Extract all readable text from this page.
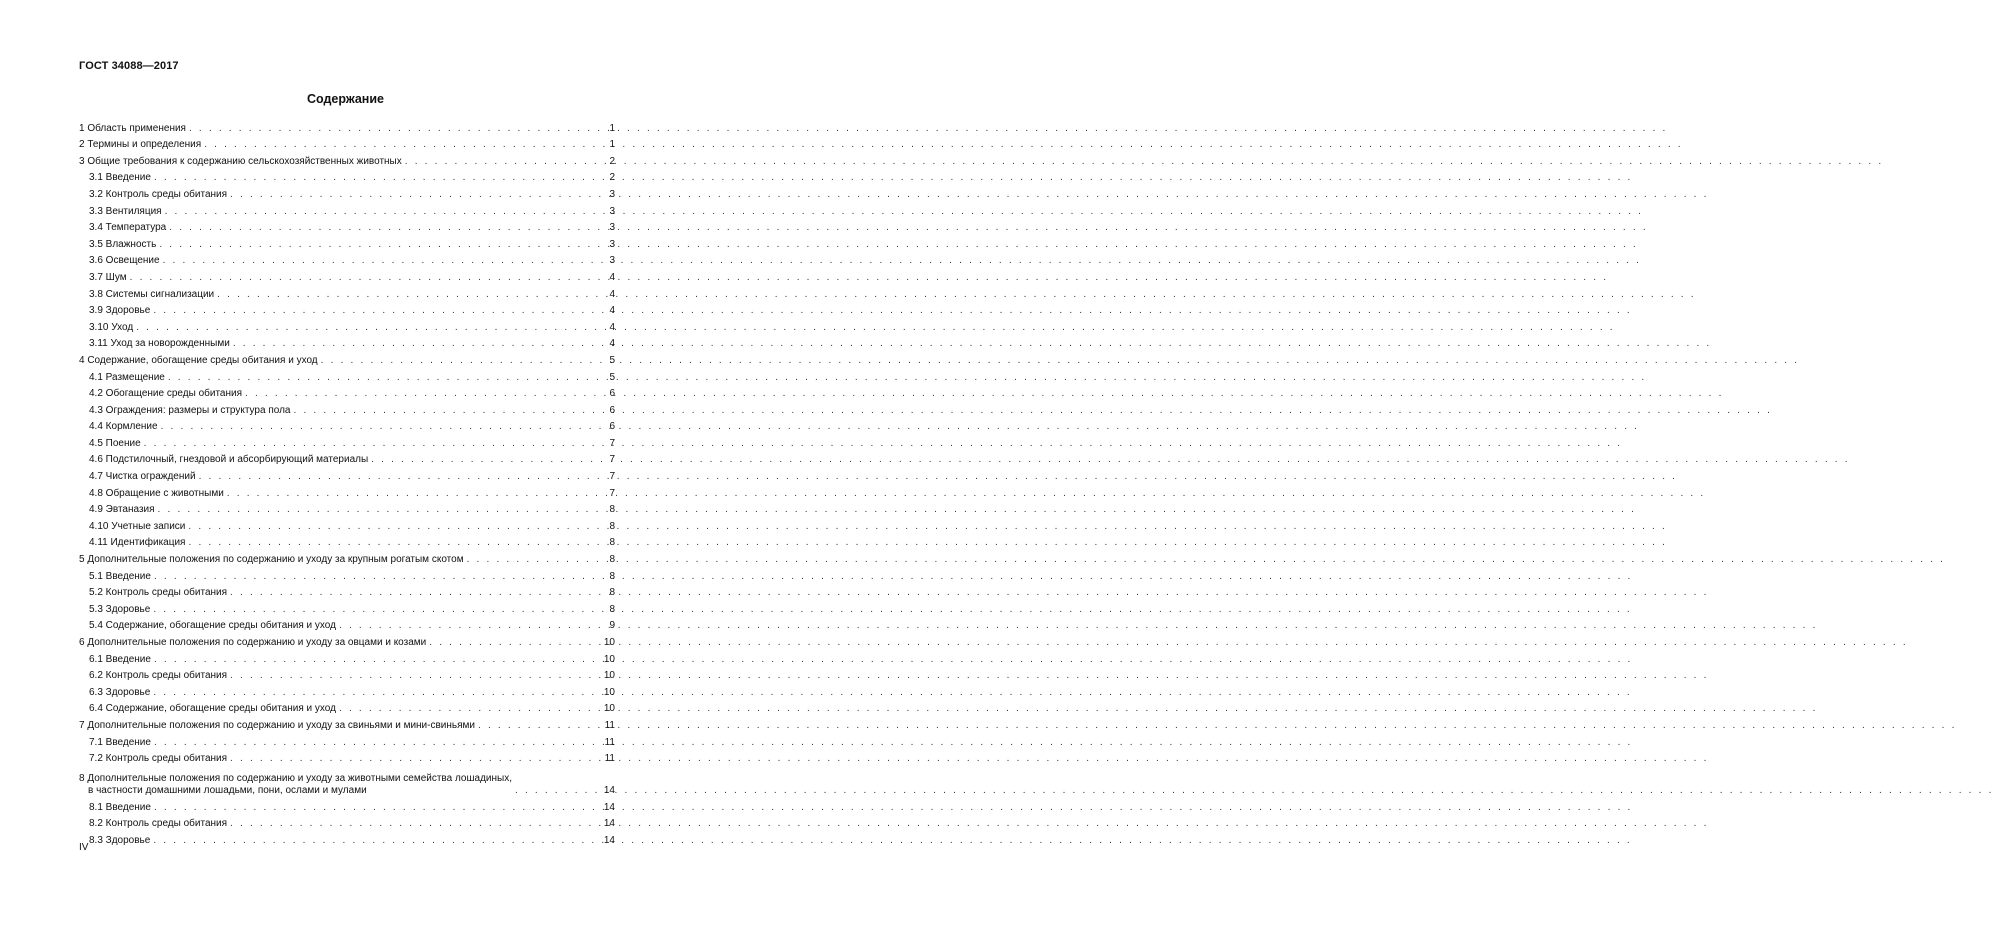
ГОСТ 34088—2017
Содержание
1 Область применения . . .	1
2 Термины и определения . . .	1
3 Общие требования к содержанию сельскохозяйственных животных . . .	2
3.1 Введение . . .	2
3.2 Контроль среды обитания . . .	3
3.3 Вентиляция . . .	3
3.4 Температура . . .	3
3.5 Влажность . . .	3
3.6 Освещение . . .	3
3.7 Шум . . .	4
3.8 Системы сигнализации . . .	4
3.9 Здоровье . . .	4
3.10 Уход . . .	4
3.11 Уход за новорожденными . . .	4
4 Содержание, обогащение среды обитания и уход . . .	5
4.1 Размещение . . .	5
4.2 Обогащение среды обитания . . .	6
4.3 Ограждения: размеры и структура пола . . .	6
4.4 Кормление . . .	6
4.5 Поение . . .	7
4.6 Подстилочный, гнездовой и абсорбирующий материалы . . .	7
4.7 Чистка ограждений . . .	7
4.8 Обращение с животными . . .	7
4.9 Эвтаназия . . .	8
4.10 Учетные записи . . .	8
4.11 Идентификация . . .	8
5 Дополнительные положения по содержанию и уходу за крупным рогатым скотом . . .	8
5.1 Введение . . .	8
5.2 Контроль среды обитания . . .	8
5.3 Здоровье . . .	8
5.4 Содержание, обогащение среды обитания и уход . . .	9
6 Дополнительные положения по содержанию и уходу за овцами и козами . . .	10
6.1 Введение . . .	10
6.2 Контроль среды обитания . . .	10
6.3 Здоровье . . .	10
6.4 Содержание, обогащение среды обитания и уход . . .	10
7 Дополнительные положения по содержанию и уходу за свиньями и мини-свиньями . . .	11
7.1 Введение . . .	11
7.2 Контроль среды обитания . . .	11
8 Дополнительные положения по содержанию и уходу за животными семейства лошадиных,
в частности домашними лошадьми, пони, ослами и мулами . . .	14
8.1 Введение . . .	14
8.2 Контроль среды обитания . . .	14
8.3 Здоровье . . .	14
IV
